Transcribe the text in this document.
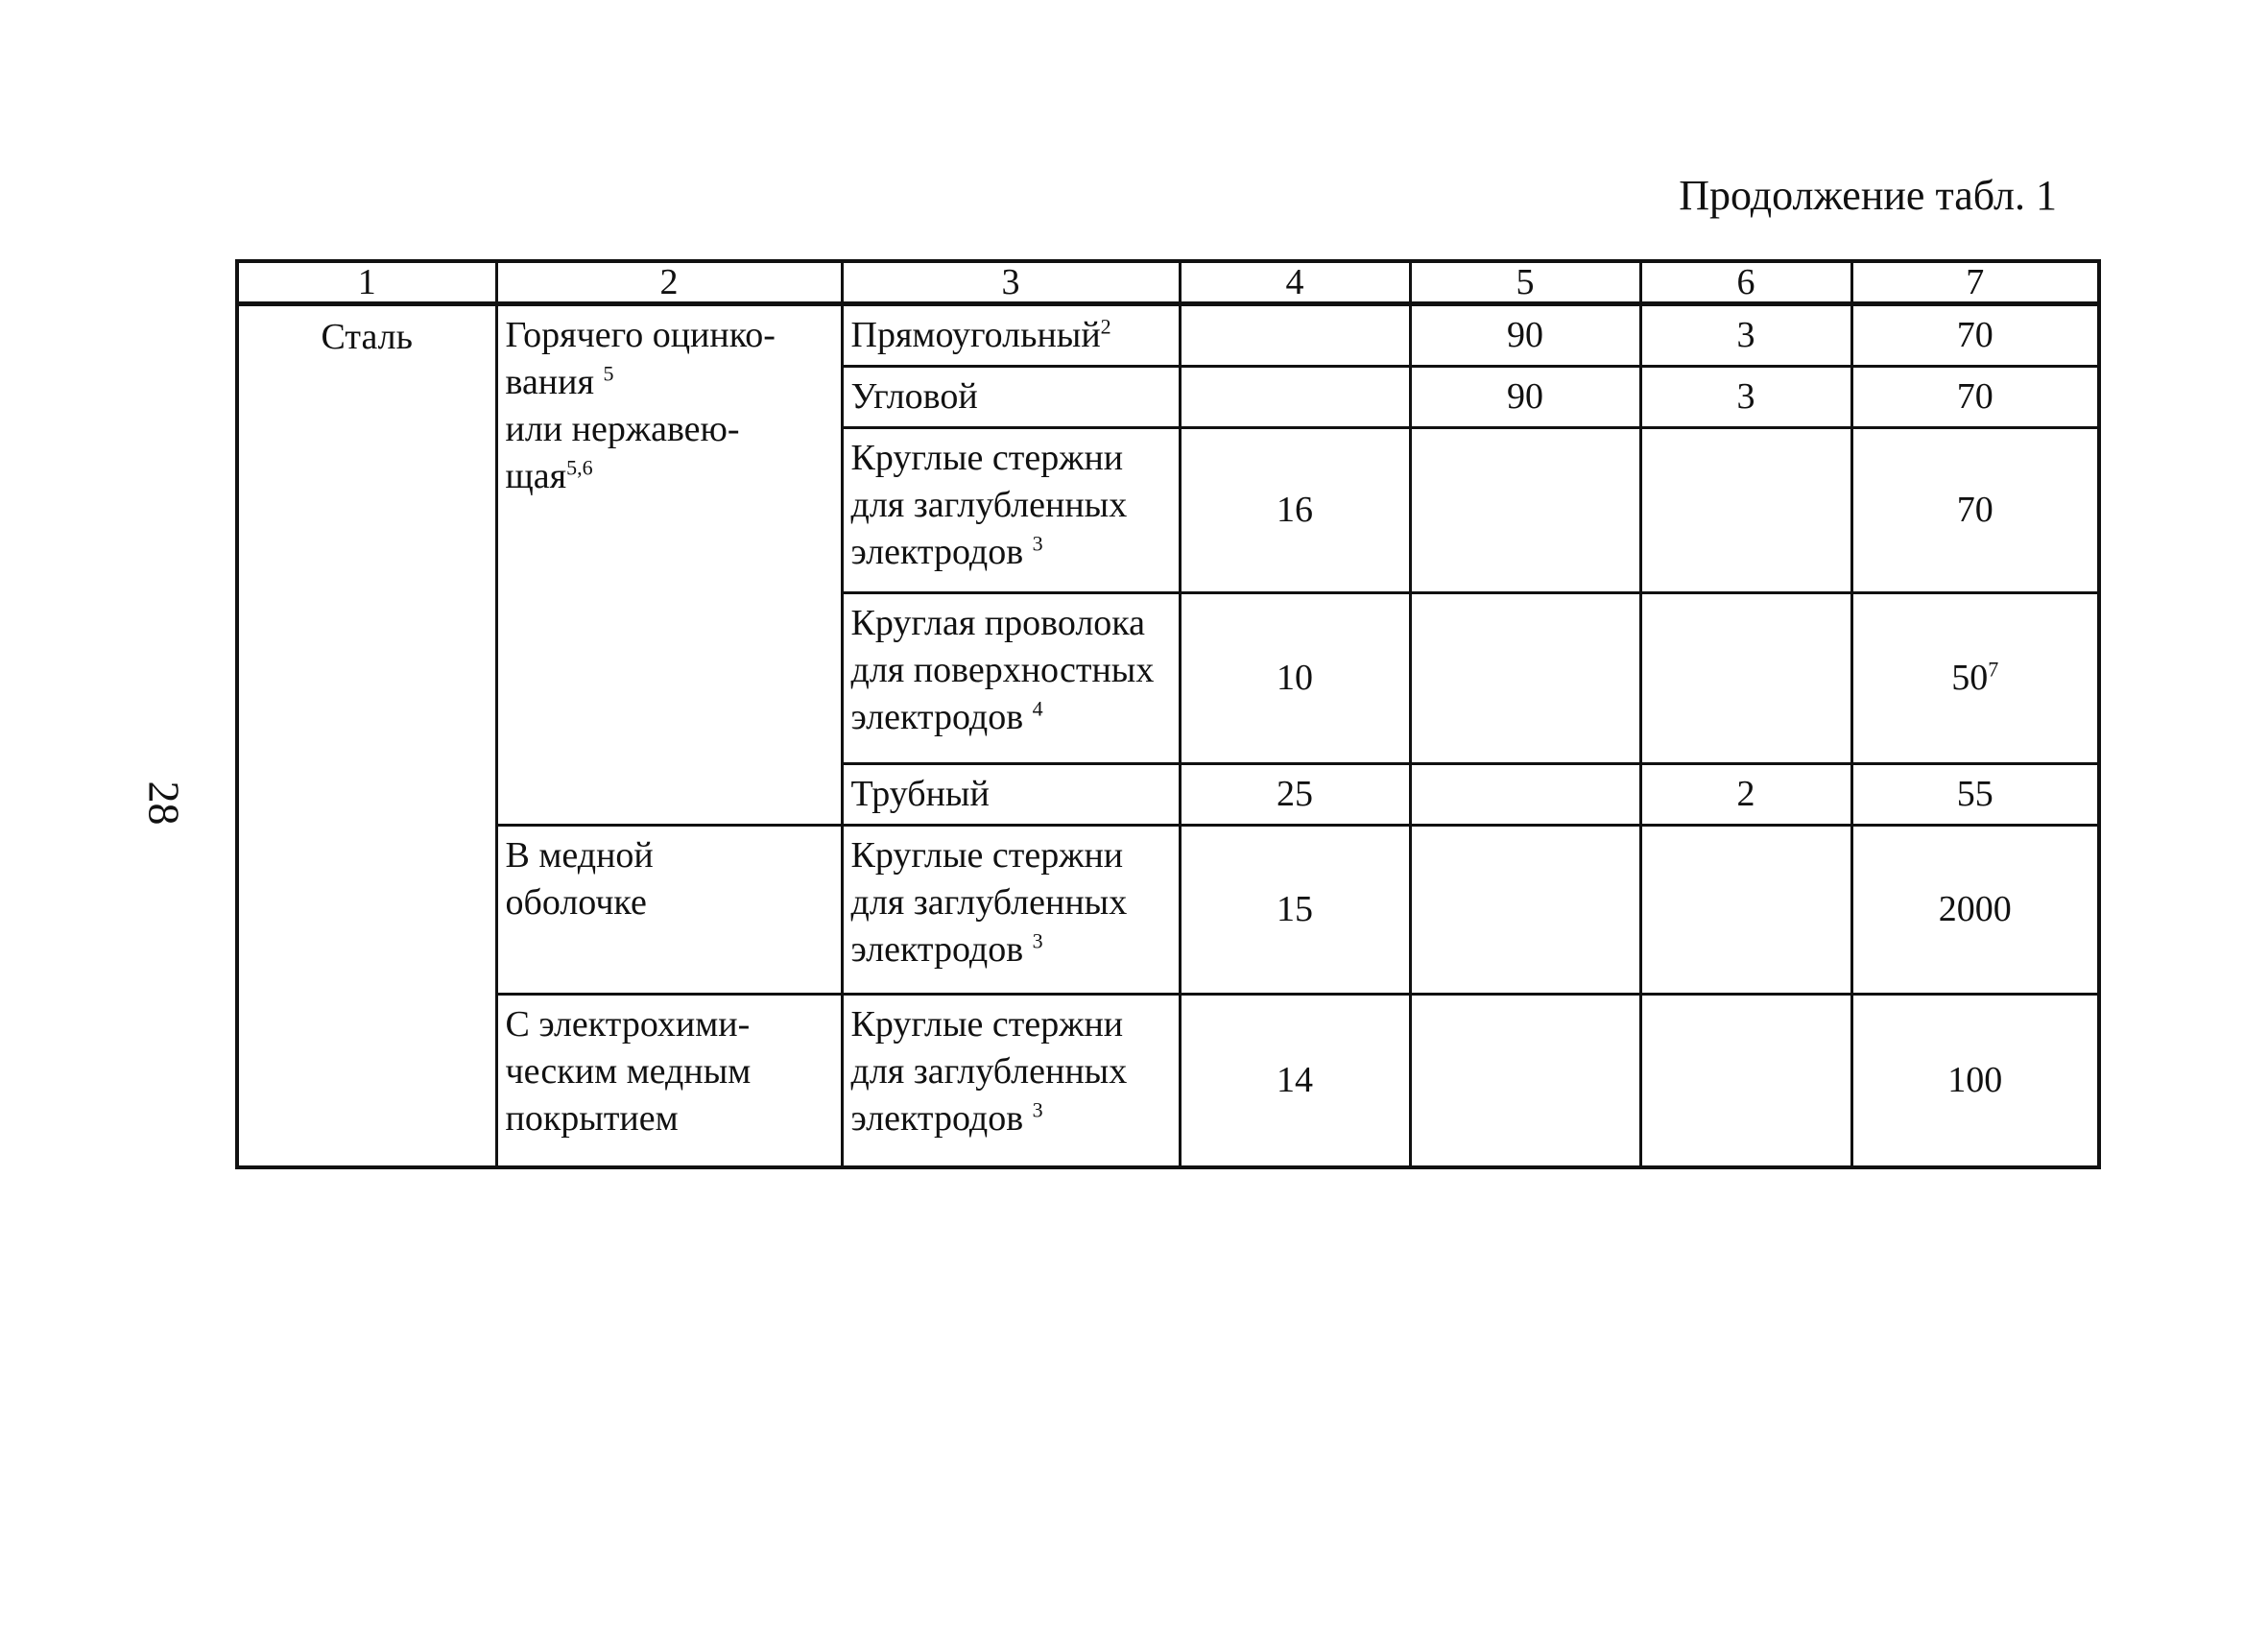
Продолжение табл. 1
28
1	2	3	4	5	6	7
Сталь	Горячего оцинко-
вания $^5$
или нержавею-
щая$^{5,6}$	Прямоугольный$^2$		90	3	70
		Угловой		90	3	70
		Круглые стержни
для заглубленных
электродов $^3$	16			70
		Круглая проволока
для поверхностных
электродов $^4$	10			$50^7$
		Трубный	25		2	55
	В медной
оболочке	Круглые стержни
для заглубленных
электродов $^3$	15			2000
	С электрохими-
ческим медным
покрытием	Круглые стержни
для заглубленных
электродов $^3$	14			100
